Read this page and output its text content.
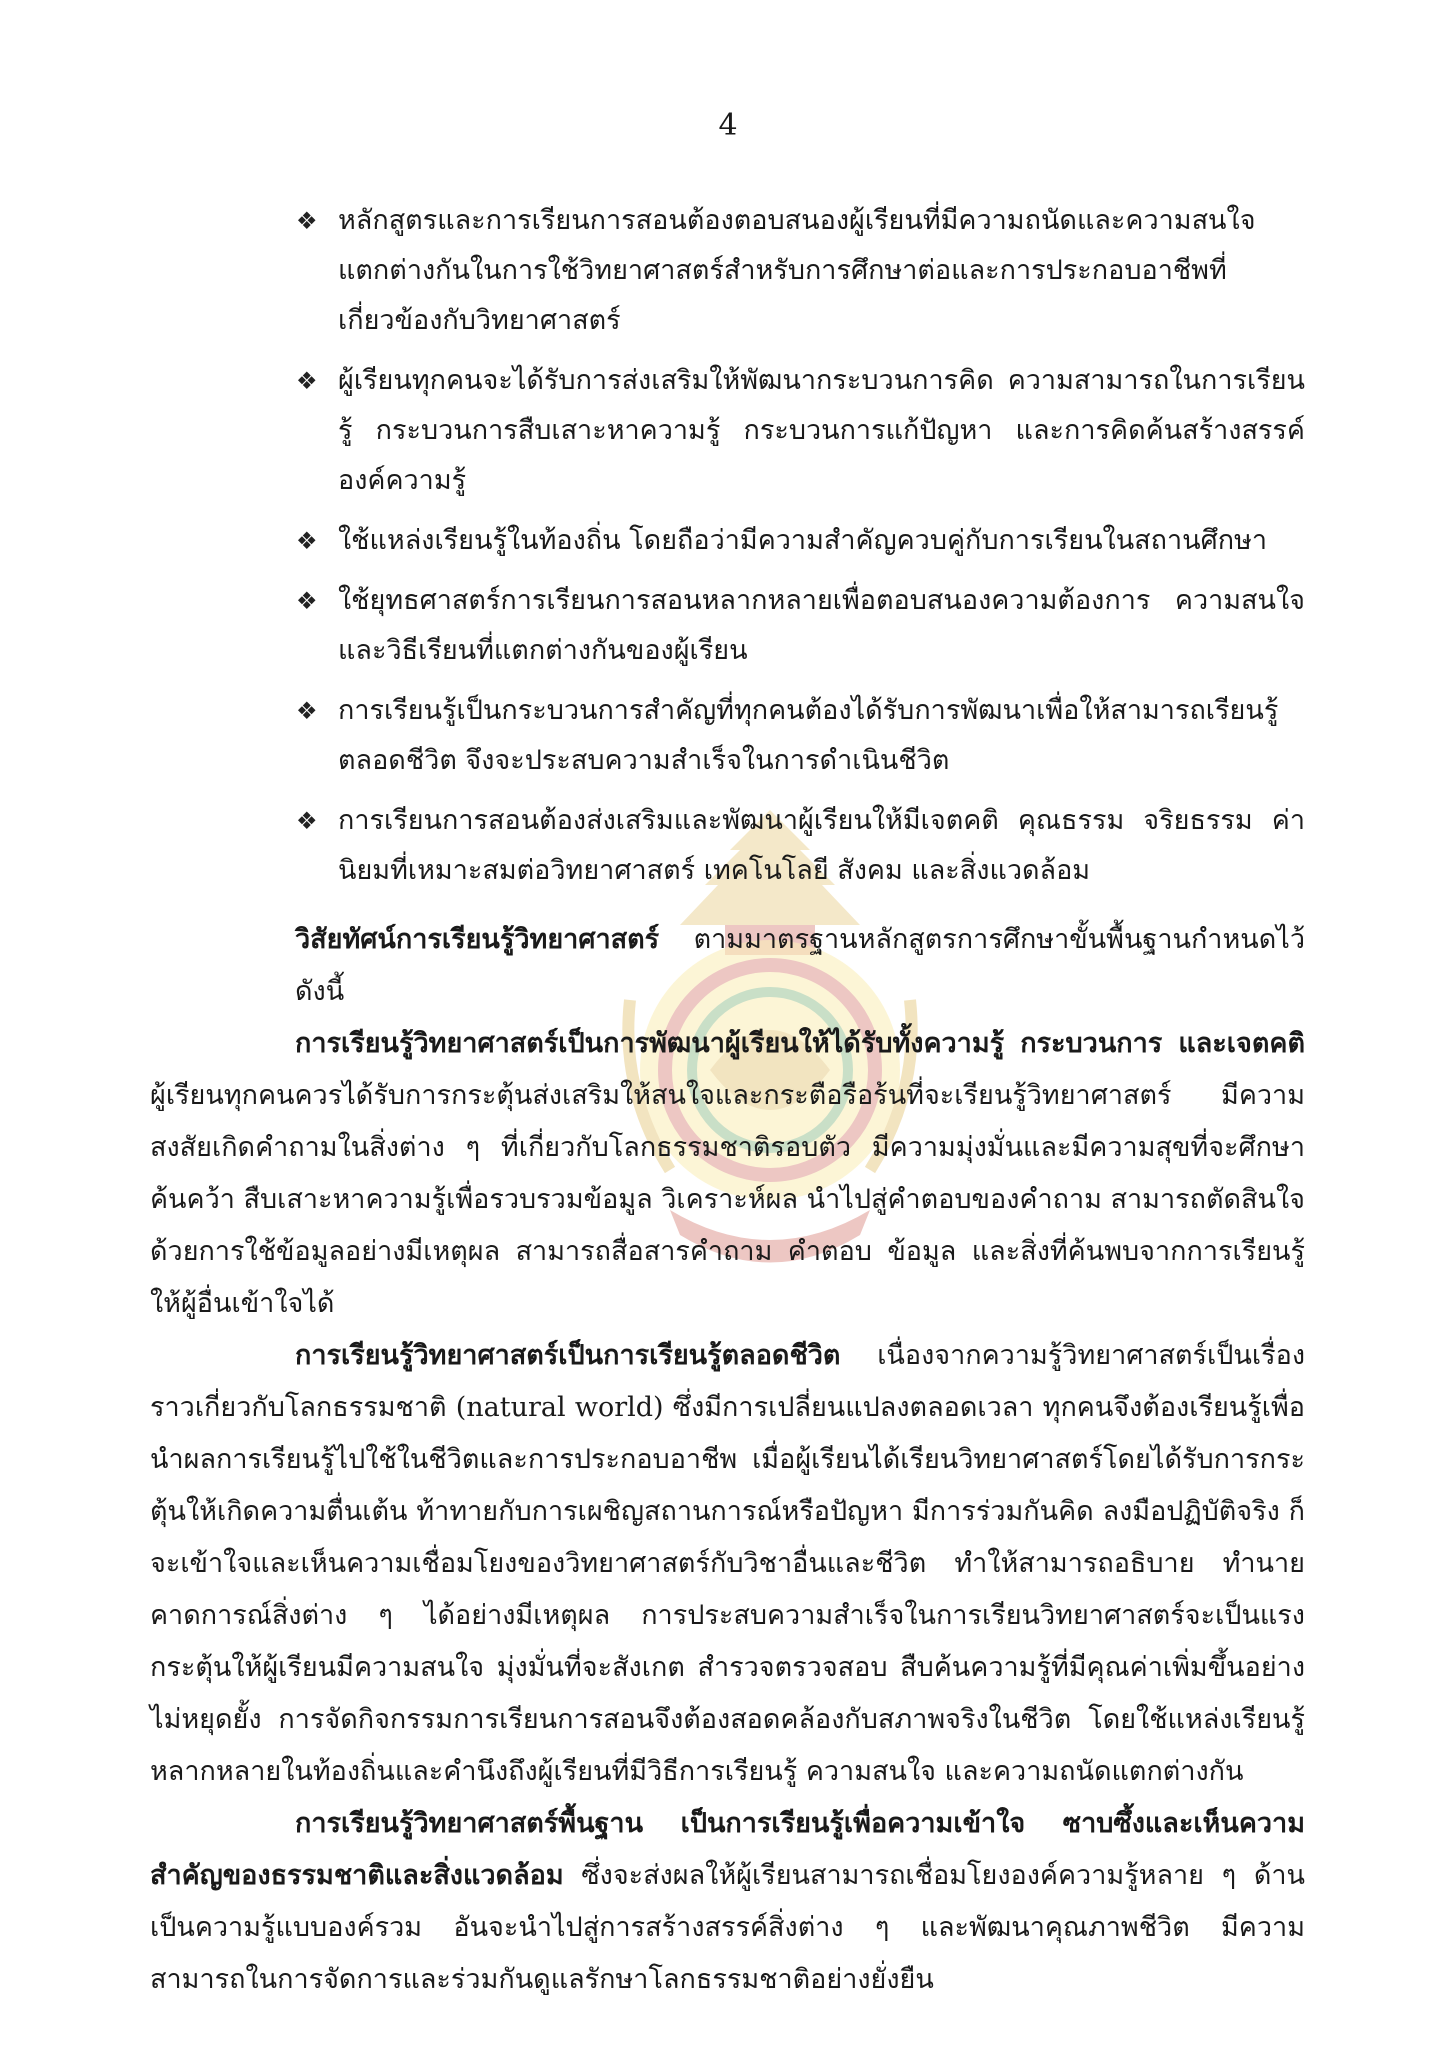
4
❖ หลักสูตรและการเรียนการสอนต้องตอบสนองผู้เรียนที่มีความถนัดและความสนใจแตกต่างกันในการใช้วิทยาศาสตร์สำหรับการศึกษาต่อและการประกอบอาชีพที่เกี่ยวข้องกับวิทยาศาสตร์
❖ ผู้เรียนทุกคนจะได้รับการส่งเสริมให้พัฒนากระบวนการคิด ความสามารถในการเรียนรู้ กระบวนการสืบเสาะหาความรู้ กระบวนการแก้ปัญหา และการคิดค้นสร้างสรรค์องค์ความรู้
❖ ใช้แหล่งเรียนรู้ในท้องถิ่น โดยถือว่ามีความสำคัญควบคู่กับการเรียนในสถานศึกษา
❖ ใช้ยุทธศาสตร์การเรียนการสอนหลากหลายเพื่อตอบสนองความต้องการ ความสนใจและวิธีเรียนที่แตกต่างกันของผู้เรียน
❖ การเรียนรู้เป็นกระบวนการสำคัญที่ทุกคนต้องได้รับการพัฒนาเพื่อให้สามารถเรียนรู้ตลอดชีวิต จึงจะประสบความสำเร็จในการดำเนินชีวิต
❖ การเรียนการสอนต้องส่งเสริมและพัฒนาผู้เรียนให้มีเจตคติ คุณธรรม จริยธรรม ค่านิยมที่เหมาะสมต่อวิทยาศาสตร์ เทคโนโลยี สังคม และสิ่งแวดล้อม

วิสัยทัศน์การเรียนรู้วิทยาศาสตร์ ตามมาตรฐานหลักสูตรการศึกษาขั้นพื้นฐานกำหนดไว้ดังนี้

การเรียนรู้วิทยาศาสตร์เป็นการพัฒนาผู้เรียนให้ได้รับทั้งความรู้ กระบวนการ และเจตคติ ผู้เรียนทุกคนควรได้รับการกระตุ้นส่งเสริมให้สนใจและกระตือรือร้นที่จะเรียนรู้วิทยาศาสตร์ มีความสงสัยเกิดคำถามในสิ่งต่าง ๆ ที่เกี่ยวกับโลกธรรมชาติรอบตัว มีความมุ่งมั่นและมีความสุขที่จะศึกษาค้นคว้า สืบเสาะหาความรู้เพื่อรวบรวมข้อมูล วิเคราะห์ผล นำไปสู่คำตอบของคำถาม สามารถตัดสินใจด้วยการใช้ข้อมูลอย่างมีเหตุผล สามารถสื่อสารคำถาม คำตอบ ข้อมูล และสิ่งที่ค้นพบจากการเรียนรู้ให้ผู้อื่นเข้าใจได้

การเรียนรู้วิทยาศาสตร์เป็นการเรียนรู้ตลอดชีวิต เนื่องจากความรู้วิทยาศาสตร์เป็นเรื่องราวเกี่ยวกับโลกธรรมชาติ (natural world) ซึ่งมีการเปลี่ยนแปลงตลอดเวลา ทุกคนจึงต้องเรียนรู้เพื่อนำผลการเรียนรู้ไปใช้ในชีวิตและการประกอบอาชีพ เมื่อผู้เรียนได้เรียนวิทยาศาสตร์โดยได้รับการกระตุ้นให้เกิดความตื่นเต้น ท้าทายกับการเผชิญสถานการณ์หรือปัญหา มีการร่วมกันคิด ลงมือปฏิบัติจริง ก็จะเข้าใจและเห็นความเชื่อมโยงของวิทยาศาสตร์กับวิชาอื่นและชีวิต ทำให้สามารถอธิบาย ทำนาย คาดการณ์สิ่งต่าง ๆ ได้อย่างมีเหตุผล การประสบความสำเร็จในการเรียนวิทยาศาสตร์จะเป็นแรงกระตุ้นให้ผู้เรียนมีความสนใจ มุ่งมั่นที่จะสังเกต สำรวจตรวจสอบ สืบค้นความรู้ที่มีคุณค่าเพิ่มขึ้นอย่างไม่หยุดยั้ง การจัดกิจกรรมการเรียนการสอนจึงต้องสอดคล้องกับสภาพจริงในชีวิต โดยใช้แหล่งเรียนรู้หลากหลายในท้องถิ่นและคำนึงถึงผู้เรียนที่มีวิธีการเรียนรู้ ความสนใจ และความถนัดแตกต่างกัน

การเรียนรู้วิทยาศาสตร์พื้นฐาน เป็นการเรียนรู้เพื่อความเข้าใจ ซาบซึ้งและเห็นความสำคัญของธรรมชาติและสิ่งแวดล้อม ซึ่งจะส่งผลให้ผู้เรียนสามารถเชื่อมโยงองค์ความรู้หลาย ๆ ด้าน เป็นความรู้แบบองค์รวม อันจะนำไปสู่การสร้างสรรค์สิ่งต่าง ๆ และพัฒนาคุณภาพชีวิต มีความสามารถในการจัดการและร่วมกันดูแลรักษาโลกธรรมชาติอย่างยั่งยืน
